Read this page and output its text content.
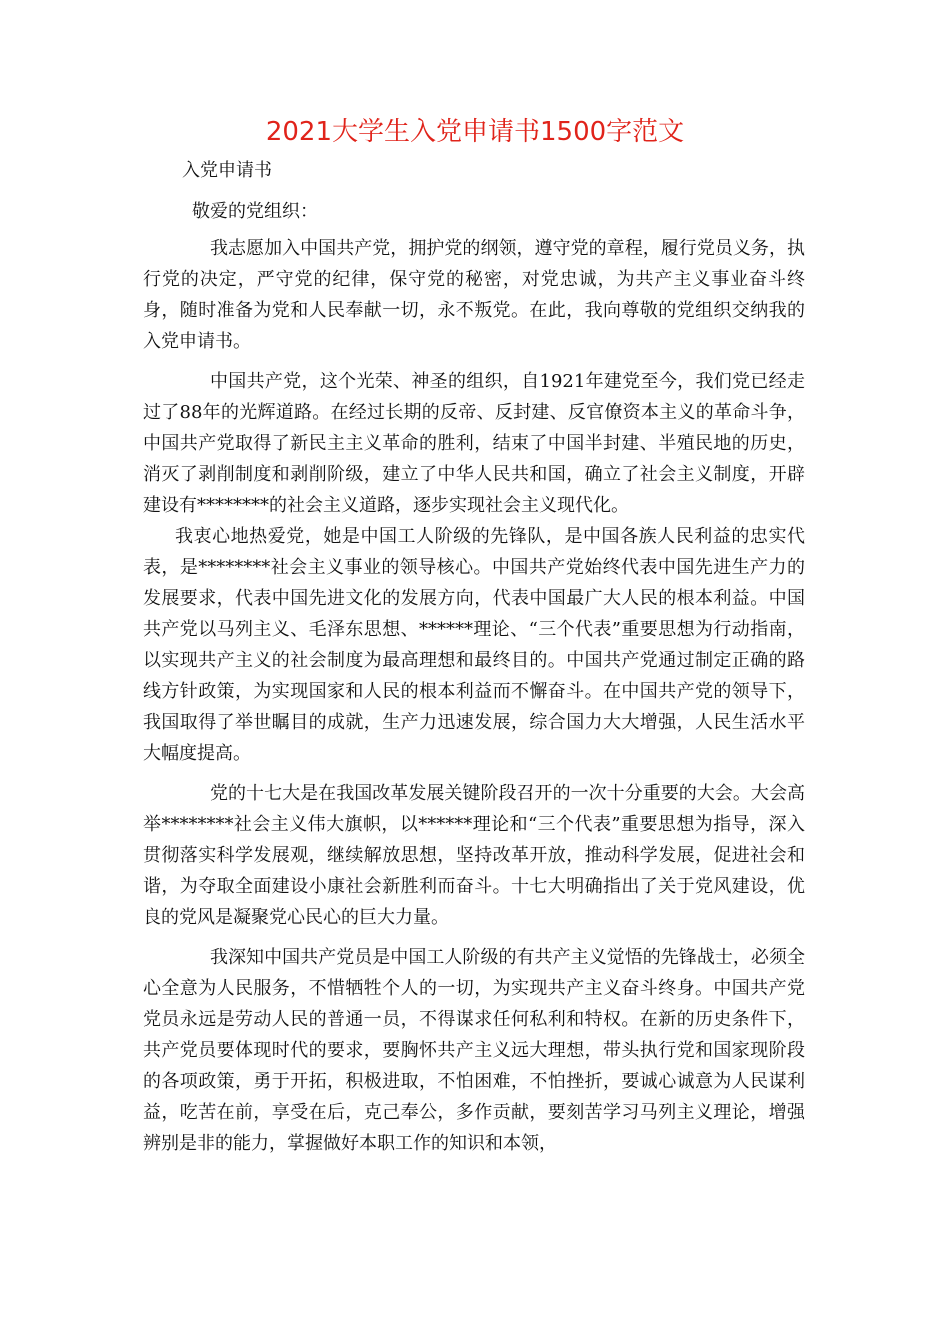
2021大学生入党申请书1500字范文
入党申请书
敬爱的党组织：

我志愿加入中国共产党，拥护党的纲领，遵守党的章程，履行党员义务，执行党的决定，严守党的纪律，保守党的秘密，对党忠诚，为共产主义事业奋斗终身，随时准备为党和人民奉献一切，永不叛党。在此，我向尊敬的党组织交纳我的入党申请书。

中国共产党，这个光荣、神圣的组织，自1921年建党至今，我们党已经走过了88年的光辉道路。在经过长期的反帝、反封建、反官僚资本主义的革命斗争，中国共产党取得了新民主主义革命的胜利，结束了中国半封建、半殖民地的历史，消灭了剥削制度和剥削阶级，建立了中华人民共和国，确立了社会主义制度，开辟建设有********的社会主义道路，逐步实现社会主义现代化。

我衷心地热爱党，她是中国工人阶级的先锋队，是中国各族人民利益的忠实代表，是********社会主义事业的领导核心。中国共产党始终代表中国先进生产力的发展要求，代表中国先进文化的发展方向，代表中国最广大人民的根本利益。中国共产党以马列主义、毛泽东思想、******理论、“三个代表”重要思想为行动指南，以实现共产主义的社会制度为最高理想和最终目的。中国共产党通过制定正确的路线方针政策，为实现国家和人民的根本利益而不懈奋斗。在中国共产党的领导下，我国取得了举世瞩目的成就，生产力迅速发展，综合国力大大增强，人民生活水平大幅度提高。

党的十七大是在我国改革发展关键阶段召开的一次十分重要的大会。大会高举********社会主义伟大旗帜，以******理论和“三个代表”重要思想为指导，深入贯彻落实科学发展观，继续解放思想，坚持改革开放，推动科学发展，促进社会和谐，为夺取全面建设小康社会新胜利而奋斗。十七大明确指出了关于党风建设，优良的党风是凝聚党心民心的巨大力量。

我深知中国共产党员是中国工人阶级的有共产主义觉悟的先锋战士，必须全心全意为人民服务，不惜牺牲个人的一切，为实现共产主义奋斗终身。中国共产党党员永远是劳动人民的普通一员，不得谋求任何私利和特权。在新的历史条件下，共产党员要体现时代的要求，要胸怀共产主义远大理想，带头执行党和国家现阶段的各项政策，勇于开拓，积极进取，不怕困难，不怕挫折，要诚心诚意为人民谋利益，吃苦在前，享受在后，克己奉公，多作贡献，要刻苦学习马列主义理论，增强辨别是非的能力，掌握做好本职工作的知识和本领，
